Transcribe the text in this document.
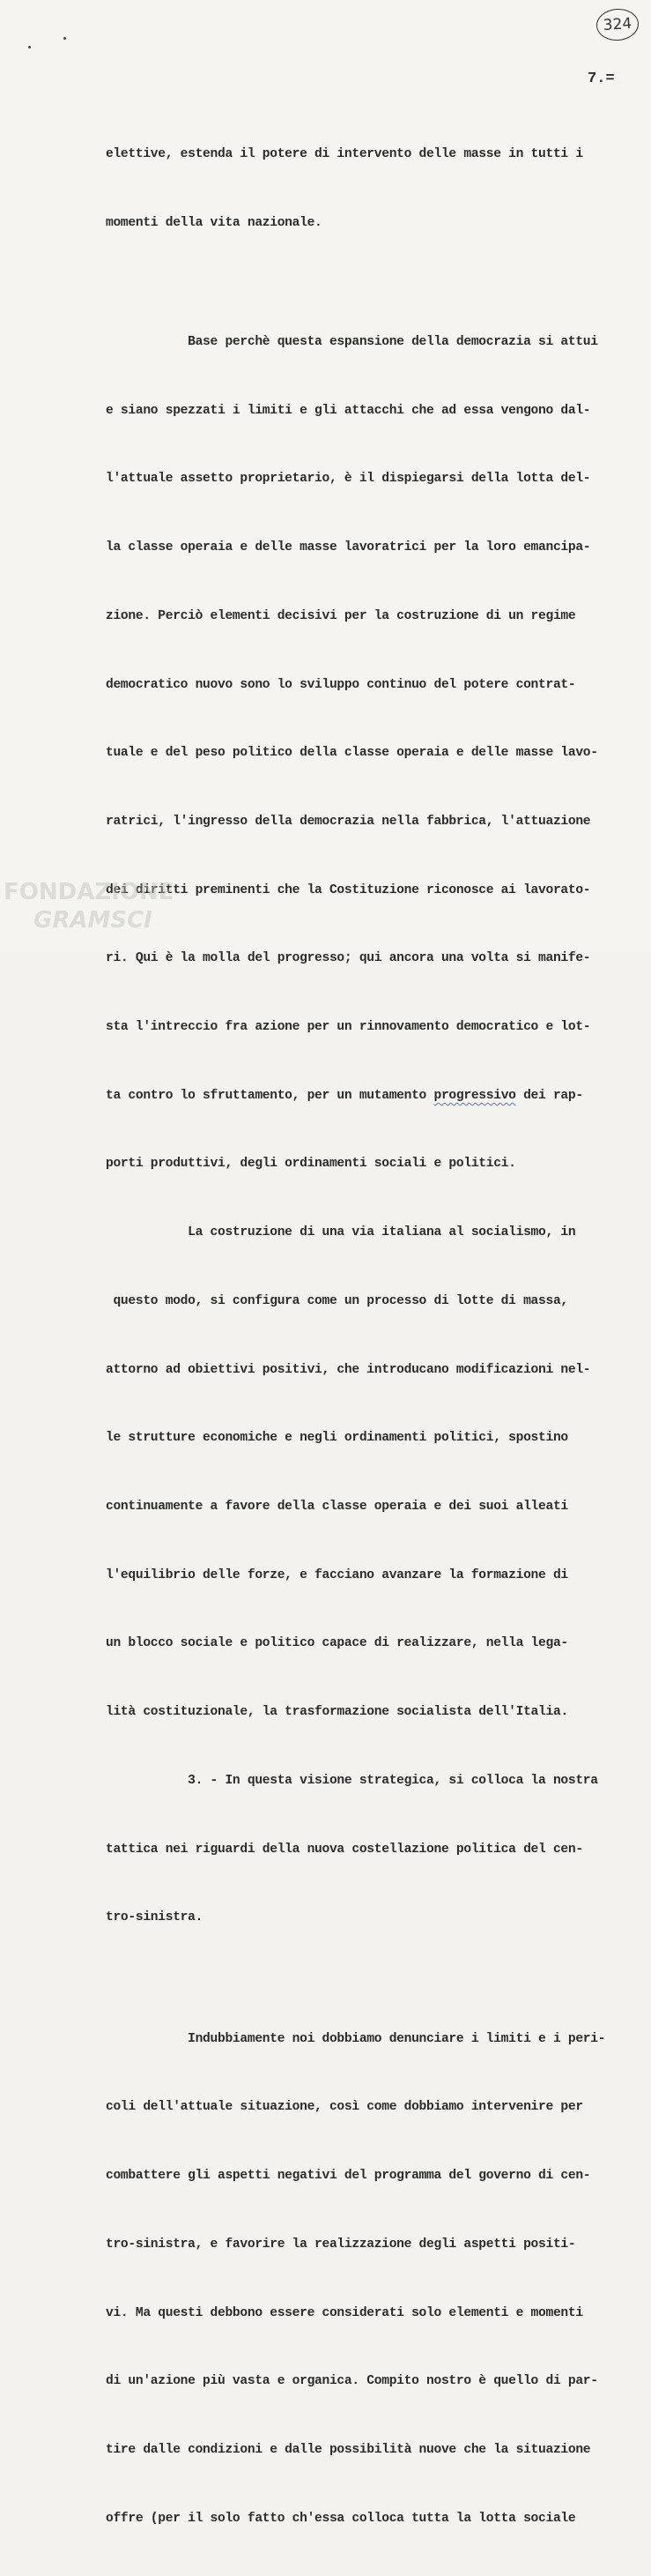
324
7.=

elettive, estenda il potere di intervento delle masse in tutti i

momenti della vita nazionale.

Base perchè questa espansione della democrazia si attui

e siano spezzati i limiti e gli attacchi che ad essa vengono dal-

l'attuale assetto proprietario, è il dispiegarsi della lotta del-

la classe operaia e delle masse lavoratrici per la loro emancipa-

zione. Perciò elementi decisivi per la costruzione di un regime

democratico nuovo sono lo sviluppo continuo del potere contrat-

tuale e del peso politico della classe operaia e delle masse lavo-

ratrici, l'ingresso della democrazia nella fabbrica, l'attuazione

dei diritti preminenti che la Costituzione riconosce ai lavorato-

ri. Qui è la molla del progresso; qui ancora una volta si manife-

sta l'intreccio fra azione per un rinnovamento democratico e lot-

ta contro lo sfruttamento, per un mutamento progressivo dei rap-

porti produttivi, degli ordinamenti sociali e politici.

La costruzione di una via italiana al socialismo, in

questo modo, si configura come un processo di lotte di massa,

attorno ad obiettivi positivi, che introducano modificazioni nel-

le strutture economiche e negli ordinamenti politici, spostino

continuamente a favore della classe operaia e dei suoi alleati

l'equilibrio delle forze, e facciano avanzare la formazione di

un blocco sociale e politico capace di realizzare, nella lega-

lità costituzionale, la trasformazione socialista dell'Italia.

3. - In questa visione strategica, si colloca la nostra

tattica nei riguardi della nuova costellazione politica del cen-

tro-sinistra.

Indubbiamente noi dobbiamo denunciare i limiti e i peri-

coli dell'attuale situazione, così come dobbiamo intervenire per

combattere gli aspetti negativi del programma del governo di cen-

tro-sinistra, e favorire la realizzazione degli aspetti positi-

vi. Ma questi debbono essere considerati solo elementi e momenti

di un'azione più vasta e organica. Compito nostro è quello di par-

tire dalle condizioni e dalle possibilità nuove che la situazione

offre (per il solo fatto ch'essa colloca tutta la lotta sociale

FONDAZIONE
GRAMSCI
